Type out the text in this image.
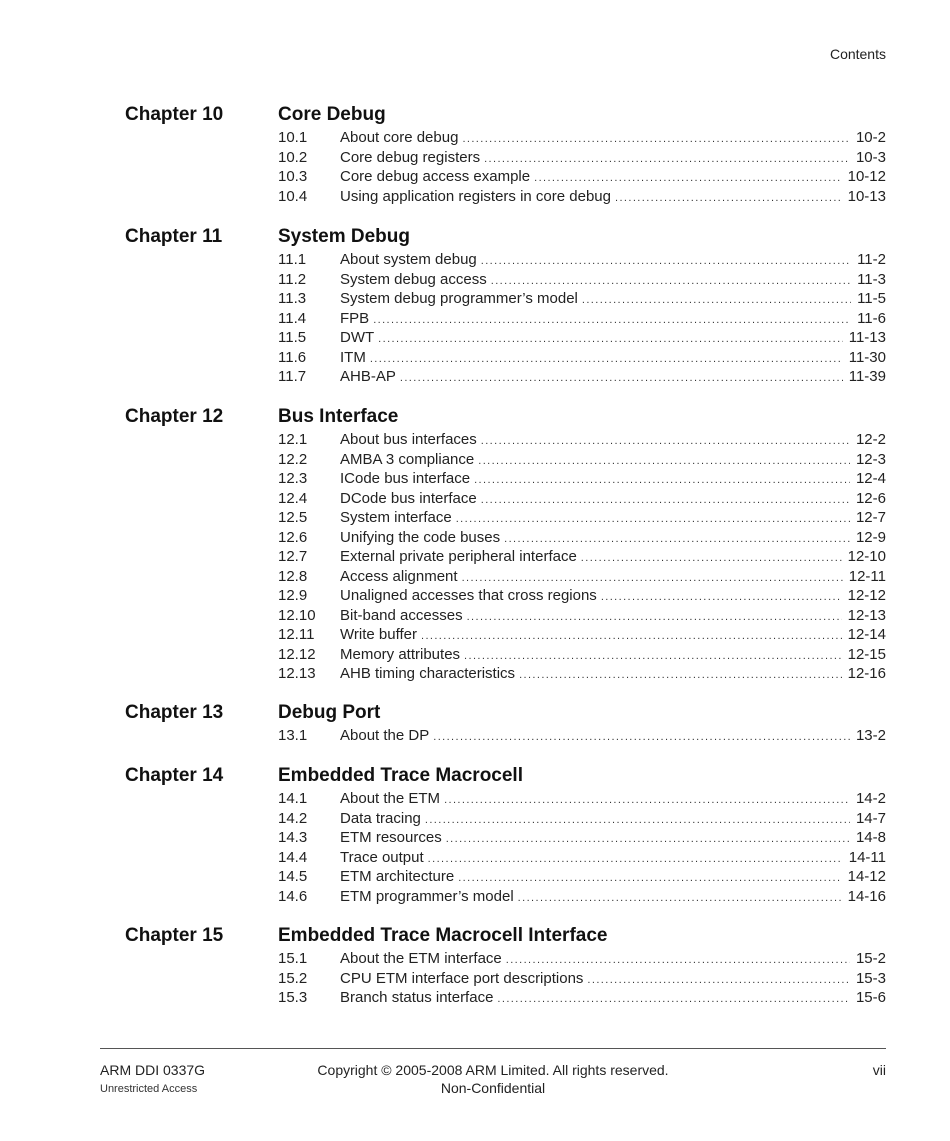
Contents
Chapter 10	Core Debug
10.1	About core debug .....	10-2
10.2	Core debug registers .....	10-3
10.3	Core debug access example .....	10-12
10.4	Using application registers in core debug .....	10-13
Chapter 11	System Debug
11.1	About system debug .....	11-2
11.2	System debug access .....	11-3
11.3	System debug programmer’s model .....	11-5
11.4	FPB .....	11-6
11.5	DWT .....	11-13
11.6	ITM .....	11-30
11.7	AHB-AP .....	11-39
Chapter 12	Bus Interface
12.1	About bus interfaces .....	12-2
12.2	AMBA 3 compliance .....	12-3
12.3	ICode bus interface .....	12-4
12.4	DCode bus interface .....	12-6
12.5	System interface .....	12-7
12.6	Unifying the code buses .....	12-9
12.7	External private peripheral interface .....	12-10
12.8	Access alignment .....	12-11
12.9	Unaligned accesses that cross regions .....	12-12
12.10	Bit-band accesses .....	12-13
12.11	Write buffer .....	12-14
12.12	Memory attributes .....	12-15
12.13	AHB timing characteristics .....	12-16
Chapter 13	Debug Port
13.1	About the DP .....	13-2
Chapter 14	Embedded Trace Macrocell
14.1	About the ETM .....	14-2
14.2	Data tracing .....	14-7
14.3	ETM resources .....	14-8
14.4	Trace output .....	14-11
14.5	ETM architecture .....	14-12
14.6	ETM programmer’s model .....	14-16
Chapter 15	Embedded Trace Macrocell Interface
15.1	About the ETM interface .....	15-2
15.2	CPU ETM interface port descriptions .....	15-3
15.3	Branch status interface .....	15-6
ARM DDI 0337G
Unrestricted Access
Copyright © 2005-2008 ARM Limited. All rights reserved.
Non-Confidential
vii
